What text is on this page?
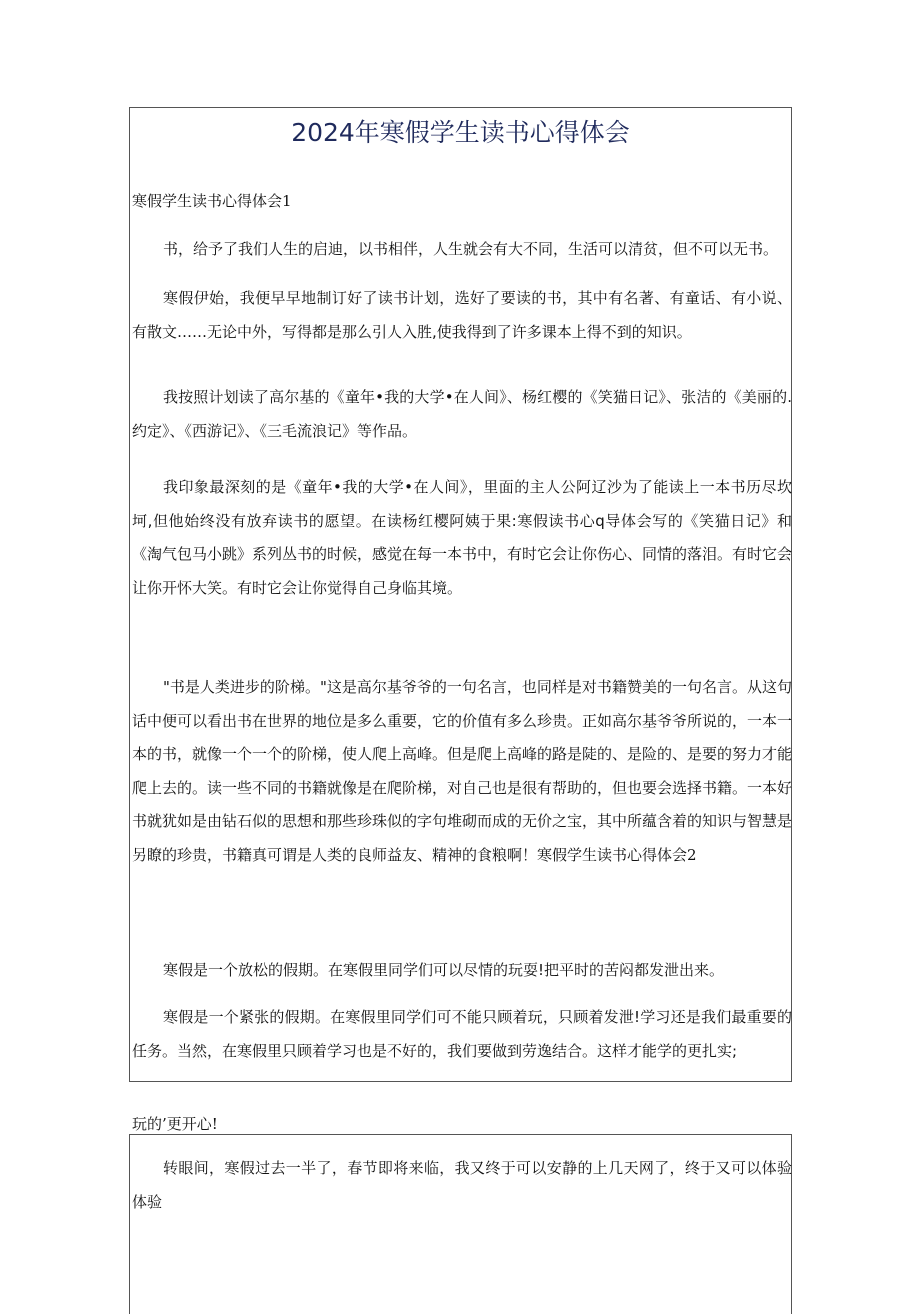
2024年寒假学生读书心得体会
寒假学生读书心得体会1

书，给予了我们人生的启迪，以书相伴，人生就会有大不同，生活可以清贫，但不可以无书。

寒假伊始，我便早早地制订好了读书计划，选好了要读的书，其中有名著、有童话、有小说、有散文……无论中外，写得都是那么引人入胜,使我得到了许多课本上得不到的知识。

我按照计划读了高尔基的《童年•我的大学•在人间》、杨红樱的《笑猫日记》、张洁的《美丽的.约定》、《西游记》、《三毛流浪记》等作品。

我印象最深刻的是《童年•我的大学•在人间》，里面的主人公阿辽沙为了能读上一本书历尽坎坷,但他始终没有放弃读书的愿望。在读杨红樱阿姨于果:寒假读书心q导体会写的《笑猫日记》和《淘气包马小跳》系列丛书的时候，感觉在每一本书中，有时它会让你伤心、同情的落泪。有时它会让你开怀大笑。有时它会让你觉得自己身临其境。

"书是人类进步的阶梯。"这是高尔基爷爷的一句名言，也同样是对书籍赞美的一句名言。从这句话中便可以看出书在世界的地位是多么重要，它的价值有多么珍贵。正如高尔基爷爷所说的，一本一本的书，就像一个一个的阶梯，使人爬上高峰。但是爬上高峰的路是陡的、是险的、是要的努力才能爬上去的。读一些不同的书籍就像是在爬阶梯，对自己也是很有帮助的，但也要会选择书籍。一本好书就犹如是由钻石似的思想和那些珍珠似的字句堆砌而成的无价之宝，其中所蕴含着的知识与智慧是另瞭的珍贵，书籍真可谓是人类的良师益友、精神的食粮啊！寒假学生读书心得体会2

寒假是一个放松的假期。在寒假里同学们可以尽情的玩耍!把平时的苦闷都发泄出来。

寒假是一个紧张的假期。在寒假里同学们可不能只顾着玩，只顾着发泄!学习还是我们最重要的任务。当然，在寒假里只顾着学习也是不好的，我们要做到劳逸结合。这样才能学的更扎实;

玩的’更开心!

转眼间，寒假过去一半了，春节即将来临，我又终于可以安静的上几天网了，终于又可以体验体验
